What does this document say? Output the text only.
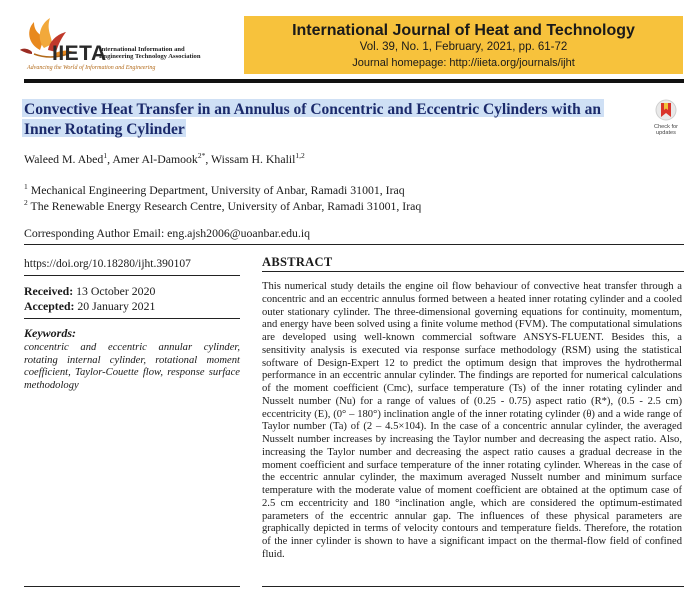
IIETA
International Information and
Engineering Technology Association
Advancing the World of Information and Engineering
International Journal of Heat and Technology
Vol. 39, No. 1, February, 2021, pp. 61-72
Journal homepage: http://iieta.org/journals/ijht
Convective Heat Transfer in an Annulus of Concentric and Eccentric Cylinders with an
Inner Rotating Cylinder	Check for
updates
Waleed M. Abed$^1$, Amer Al-Damook$^{2*}$, Wissam H. Khalil$^{1,2}$
$^1$ Mechanical Engineering Department, University of Anbar, Ramadi 31001, Iraq
$^2$ The Renewable Energy Research Centre, University of Anbar, Ramadi 31001, Iraq
Corresponding Author Email: eng.ajsh2006@uoanbar.edu.iq
https://doi.org/10.18280/ijht.390107
Received: 13 October 2020
Accepted: 20 January 2021
Keywords:
concentric and eccentric annular cylinder, rotating internal cylinder, rotational moment coefficient, Taylor-Couette flow, response surface methodology
ABSTRACT
This numerical study details the engine oil flow behaviour of convective heat transfer through a concentric and an eccentric annulus formed between a heated inner rotating cylinder and a cooled outer stationary cylinder. The three-dimensional governing equations for continuity, momentum, and energy have been solved using a finite volume method (FVM). The computational simulations are developed using well-known commercial software ANSYS-FLUENT. Besides this, a sensitivity analysis is executed via response surface methodology (RSM) using the statistical software of Design-Expert 12 to predict the optimum design that improves the hydrothermal performance in an eccentric annular cylinder. The findings are reported for numerical calculations of the moment coefficient (Cmc), surface temperature (Ts) of the inner rotating cylinder and Nusselt number (Nu) for a range of values of (0.25 - 0.75) aspect ratio (R*), (0.5 - 2.5 cm) eccentricity (E), (0° – 180°) inclination angle of the inner rotating cylinder (θ) and a wide range of Taylor number (Ta) of (2 – 4.5×104). In the case of a concentric annular cylinder, the averaged Nusselt number increases by increasing the Taylor number and decreasing the aspect ratio. Also, increasing the Taylor number and decreasing the aspect ratio causes a gradual decrease in the moment coefficient and surface temperature of the inner rotating cylinder. Whereas in the case of the eccentric annular cylinder, the maximum averaged Nusselt number and minimum surface temperature with the moderate value of moment coefficient are obtained at the optimum case of 2.5 cm eccentricity and 180 °inclination angle, which are considered the optimum-estimated parameters of the eccentric annular gap. The influences of these physical parameters are graphically depicted in terms of velocity contours and temperature fields. Therefore, the rotation of the inner cylinder is shown to have a significant impact on the thermal-flow field of confined fluid.
